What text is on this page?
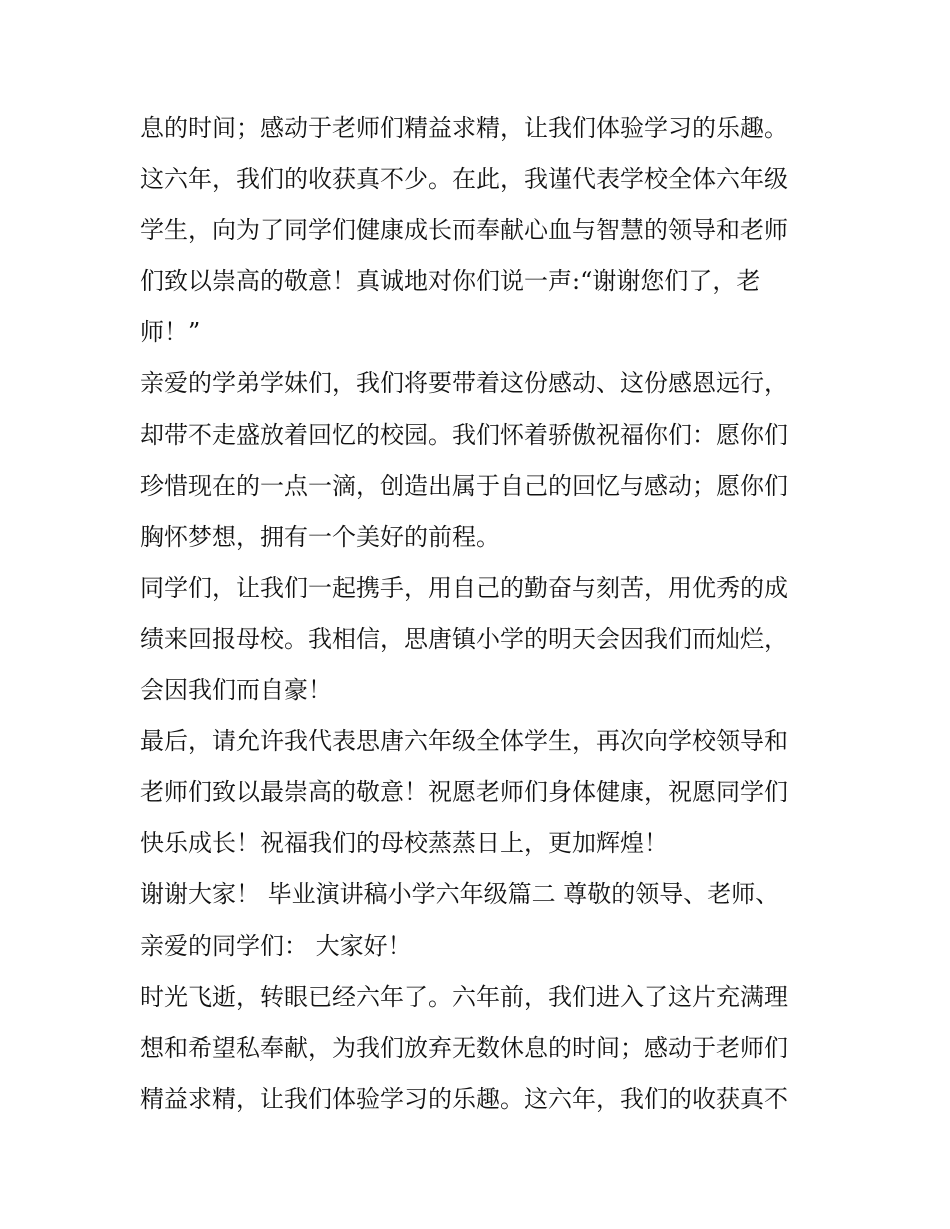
息的时间；感动于老师们精益求精，让我们体验学习的乐趣。
这六年，我们的收获真不少。在此，我谨代表学校全体六年级
学生，向为了同学们健康成长而奉献心血与智慧的领导和老师
们致以崇高的敬意！真诚地对你们说一声:“谢谢您们了，老
师！”
亲爱的学弟学妹们，我们将要带着这份感动、这份感恩远行，
却带不走盛放着回忆的校园。我们怀着骄傲祝福你们：愿你们
珍惜现在的一点一滴，创造出属于自己的回忆与感动；愿你们
胸怀梦想，拥有一个美好的前程。
同学们，让我们一起携手，用自己的勤奋与刻苦，用优秀的成
绩来回报母校。我相信，思唐镇小学的明天会因我们而灿烂，
会因我们而自豪！
最后，请允许我代表思唐六年级全体学生，再次向学校领导和
老师们致以最崇高的敬意！祝愿老师们身体健康，祝愿同学们
快乐成长！祝福我们的母校蒸蒸日上，更加辉煌！
谢谢大家！ 毕业演讲稿小学六年级篇二 尊敬的领导、老师、
亲爱的同学们： 大家好！
时光飞逝，转眼已经六年了。六年前，我们进入了这片充满理
想和希望私奉献，为我们放弃无数休息的时间；感动于老师们
精益求精，让我们体验学习的乐趣。这六年，我们的收获真不
